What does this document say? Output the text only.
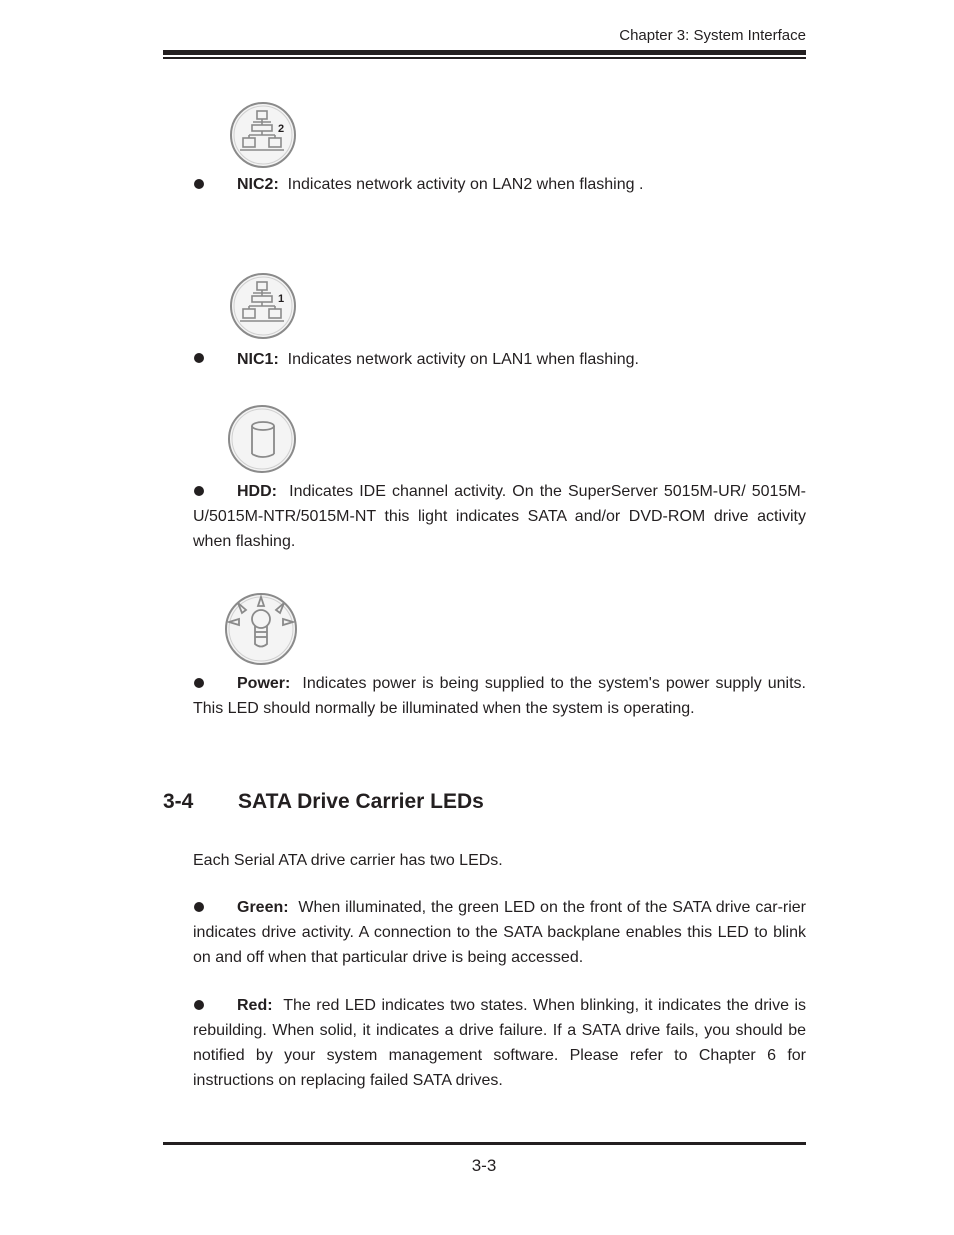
Chapter 3: System Interface
2
NIC2: Indicates network activity on LAN2 when flashing .
1
NIC1: Indicates network activity on LAN1 when flashing.
HDD: Indicates IDE channel activity. On the SuperServer 5015M-UR/ 5015M-U/5015M-NTR/5015M-NT this light indicates SATA and/or DVD-ROM drive activity when flashing.
Power: Indicates power is being supplied to the system's power supply units. This LED should normally be illuminated when the system is operating.
3-4 SATA Drive Carrier LEDs
Each Serial ATA drive carrier has two LEDs.
Green: When illuminated, the green LED on the front of the SATA drive car-rier indicates drive activity. A connection to the SATA backplane enables this LED to blink on and off when that particular drive is being accessed.
Red: The red LED indicates two states. When blinking, it indicates the drive is rebuilding. When solid, it indicates a drive failure. If a SATA drive fails, you should be notified by your system management software. Please refer to Chapter 6 for instructions on replacing failed SATA drives.
3-3
